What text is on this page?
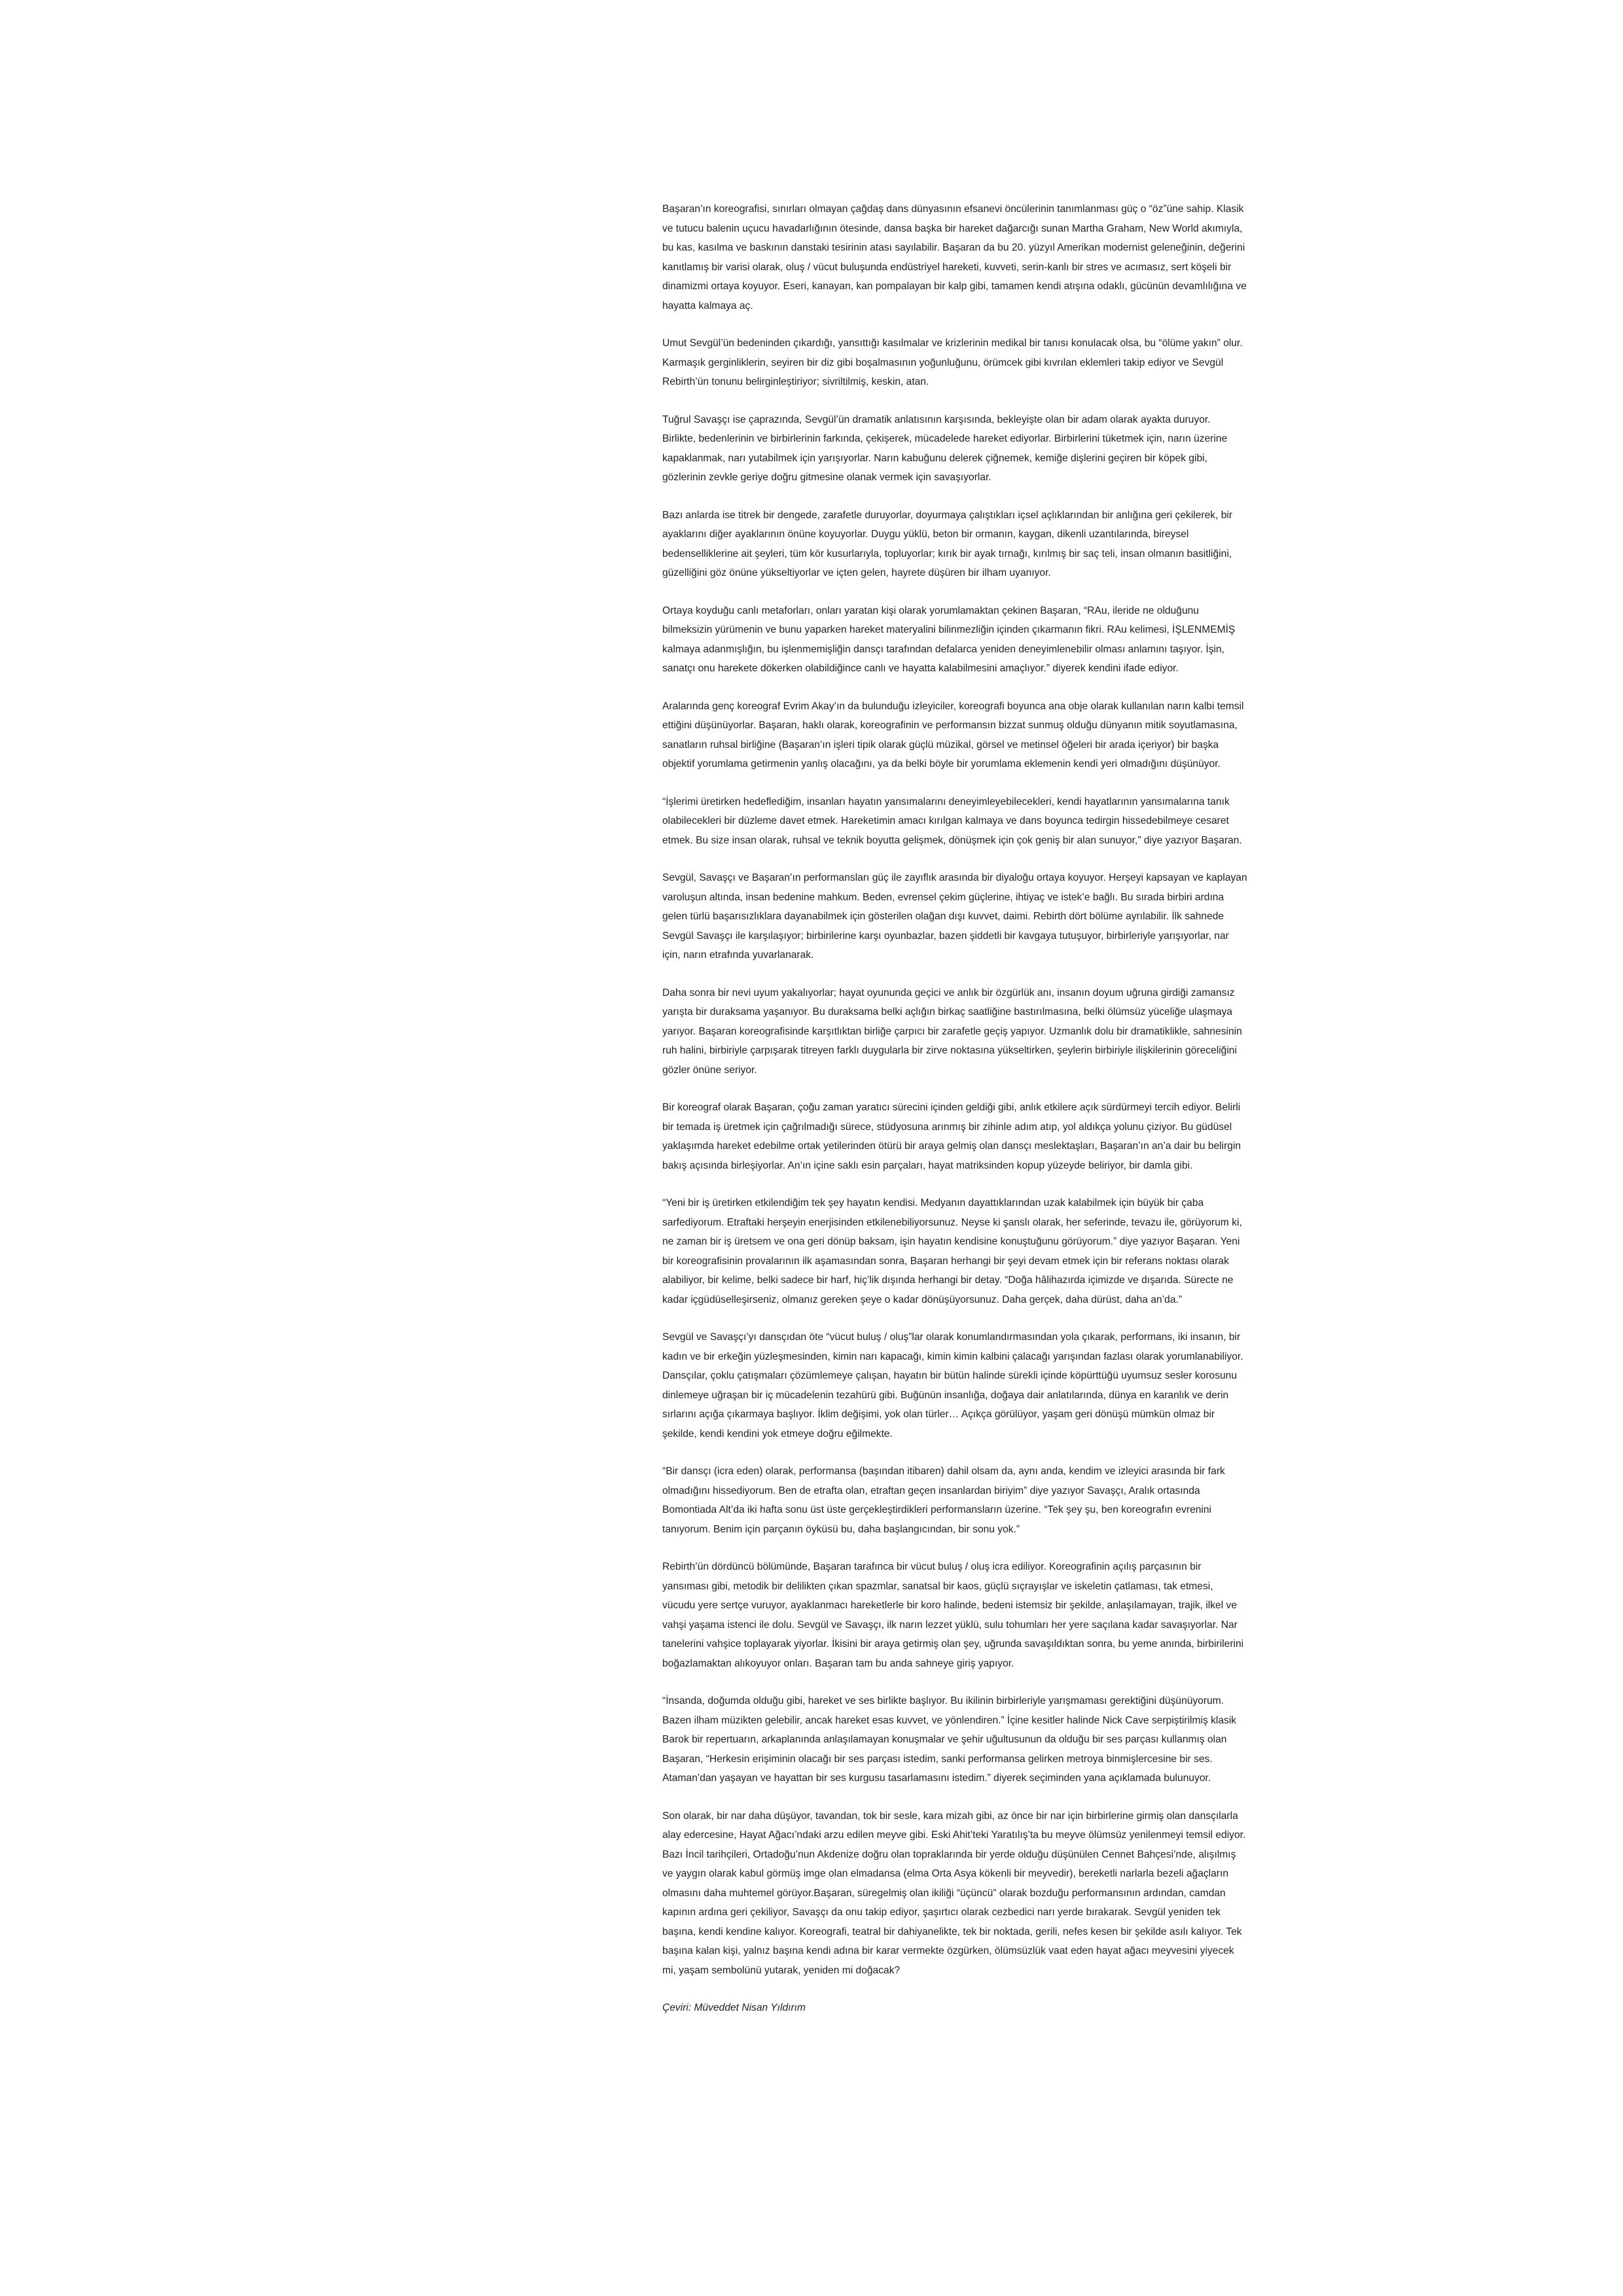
Başaran’ın koreografisi, sınırları olmayan çağdaş dans dünyasının efsanevi öncülerinin tanımlanması güç o “öz”üne sahip. Klasik
ve tutucu balenin uçucu havadarlığının ötesinde, dansa başka bir hareket dağarcığı sunan Martha Graham, New World akımıyla,
bu kas, kasılma ve baskının danstaki tesirinin atası sayılabilir. Başaran da bu 20. yüzyıl Amerikan modernist geleneğinin, değerini
kanıtlamış bir varisi olarak, oluş / vücut buluşunda endüstriyel hareketi, kuvveti, serin-kanlı bir stres ve acımasız, sert köşeli bir
dinamizmi ortaya koyuyor. Eseri, kanayan, kan pompalayan bir kalp gibi, tamamen kendi atışına odaklı, gücünün devamlılığına ve
hayatta kalmaya aç.

Umut Sevgül’ün bedeninden çıkardığı, yansıttığı kasılmalar ve krizlerinin medikal bir tanısı konulacak olsa, bu “ölüme yakın” olur.
Karmaşık gerginliklerin, seyiren bir diz gibi boşalmasının yoğunluğunu, örümcek gibi kıvrılan eklemleri takip ediyor ve Sevgül
Rebirth’ün tonunu belirginleştiriyor; sivriltilmiş, keskin, atan.

Tuğrul Savaşçı ise çaprazında, Sevgül’ün dramatik anlatısının karşısında, bekleyişte olan bir adam olarak ayakta duruyor.
Birlikte, bedenlerinin ve birbirlerinin farkında, çekişerek, mücadelede hareket ediyorlar. Birbirlerini tüketmek için, narın üzerine
kapaklanmak, narı yutabilmek için yarışıyorlar. Narın kabuğunu delerek çiğnemek, kemiğe dişlerini geçiren bir köpek gibi,
gözlerinin zevkle geriye doğru gitmesine olanak vermek için savaşıyorlar.

Bazı anlarda ise titrek bir dengede, zarafetle duruyorlar, doyurmaya çalıştıkları içsel açlıklarından bir anlığına geri çekilerek, bir
ayaklarını diğer ayaklarının önüne koyuyorlar. Duygu yüklü, beton bir ormanın, kaygan, dikenli uzantılarında, bireysel
bedenselliklerine ait şeyleri, tüm kör kusurlarıyla, topluyorlar; kırık bir ayak tırnağı, kırılmış bir saç teli, insan olmanın basitliğini,
güzelliğini göz önüne yükseltiyorlar ve içten gelen, hayrete düşüren bir ilham uyanıyor.

Ortaya koyduğu canlı metaforları, onları yaratan kişi olarak yorumlamaktan çekinen Başaran, “RAu, ileride ne olduğunu
bilmeksizin yürümenin ve bunu yaparken hareket materyalini bilinmezliğin içinden çıkarmanın fikri. RAu kelimesi, İŞLENMEMİŞ
kalmaya adanmışlığın, bu işlenmemişliğin dansçı tarafından defalarca yeniden deneyimlenebilir olması anlamını taşıyor. İşin,
sanatçı onu harekete dökerken olabildiğince canlı ve hayatta kalabilmesini amaçlıyor.” diyerek kendini ifade ediyor.

Aralarında genç koreograf Evrim Akay’ın da bulunduğu izleyiciler, koreografi boyunca ana obje olarak kullanılan narın kalbi temsil
ettiğini düşünüyorlar. Başaran, haklı olarak, koreografinin ve performansın bizzat sunmuş olduğu dünyanın mitik soyutlamasına,
sanatların ruhsal birliğine (Başaran’ın işleri tipik olarak güçlü müzikal, görsel ve metinsel öğeleri bir arada içeriyor) bir başka
objektif yorumlama getirmenin yanlış olacağını, ya da belki böyle bir yorumlama eklemenin kendi yeri olmadığını düşünüyor.

“İşlerimi üretirken hedeflediğim, insanları hayatın yansımalarını deneyimleyebilecekleri, kendi hayatlarının yansımalarına tanık
olabilecekleri bir düzleme davet etmek. Hareketimin amacı kırılgan kalmaya ve dans boyunca tedirgin hissedebilmeye cesaret
etmek. Bu size insan olarak, ruhsal ve teknik boyutta gelişmek, dönüşmek için çok geniş bir alan sunuyor,” diye yazıyor Başaran.

Sevgül, Savaşçı ve Başaran’ın performansları güç ile zayıflık arasında bir diyaloğu ortaya koyuyor. Herşeyi kapsayan ve kaplayan
varoluşun altında, insan bedenine mahkum. Beden, evrensel çekim güçlerine, ihtiyaç ve istek’e bağlı. Bu sırada birbiri ardına
gelen türlü başarısızlıklara dayanabilmek için gösterilen olağan dışı kuvvet, daimi. Rebirth dört bölüme ayrılabilir. İlk sahnede
Sevgül Savaşçı ile karşılaşıyor; birbirilerine karşı oyunbazlar, bazen şiddetli bir kavgaya tutuşuyor, birbirleriyle yarışıyorlar, nar
için, narın etrafında yuvarlanarak.

Daha sonra bir nevi uyum yakalıyorlar; hayat oyununda geçici ve anlık bir özgürlük anı, insanın doyum uğruna girdiği zamansız
yarışta bir duraksama yaşanıyor. Bu duraksama belki açlığın birkaç saatliğine bastırılmasına, belki ölümsüz yüceliğe ulaşmaya
yarıyor. Başaran koreografisinde karşıtlıktan birliğe çarpıcı bir zarafetle geçiş yapıyor. Uzmanlık dolu bir dramatiklikle, sahnesinin
ruh halini, birbiriyle çarpışarak titreyen farklı duygularla bir zirve noktasına yükseltirken, şeylerin birbiriyle ilişkilerinin göreceliğini
gözler önüne seriyor.

Bir koreograf olarak Başaran, çoğu zaman yaratıcı sürecini içinden geldiği gibi, anlık etkilere açık sürdürmeyi tercih ediyor. Belirli
bir temada iş üretmek için çağrılmadığı sürece, stüdyosuna arınmış bir zihinle adım atıp, yol aldıkça yolunu çiziyor. Bu güdüsel
yaklaşımda hareket edebilme ortak yetilerinden ötürü bir araya gelmiş olan dansçı meslektaşları, Başaran’ın an’a dair bu belirgin
bakış açısında birleşiyorlar. An’ın içine saklı esin parçaları, hayat matriksinden kopup yüzeyde beliriyor, bir damla gibi.

“Yeni bir iş üretirken etkilendiğim tek şey hayatın kendisi. Medyanın dayattıklarından uzak kalabilmek için büyük bir çaba
sarfediyorum. Etraftaki herşeyin enerjisinden etkilenebiliyorsunuz. Neyse ki şanslı olarak, her seferinde, tevazu ile, görüyorum ki,
ne zaman bir iş üretsem ve ona geri dönüp baksam, işin hayatın kendisine konuştuğunu görüyorum.” diye yazıyor Başaran. Yeni
bir koreografisinin provalarının ilk aşamasından sonra, Başaran herhangi bir şeyi devam etmek için bir referans noktası olarak
alabiliyor, bir kelime, belki sadece bir harf, hiç’lik dışında herhangi bir detay. “Doğa hâlihazırda içimizde ve dışarıda. Sürecte ne
kadar içgüdüselleşirseniz, olmanız gereken şeye o kadar dönüşüyorsunuz. Daha gerçek, daha dürüst, daha an’da.”

Sevgül ve Savaşçı’yı dansçıdan öte “vücut buluş / oluş”lar olarak konumlandırmasından yola çıkarak, performans, iki insanın, bir
kadın ve bir erkeğin yüzleşmesinden, kimin narı kapacağı, kimin kimin kalbini çalacağı yarışından fazlası olarak yorumlanabiliyor.
Dansçılar, çoklu çatışmaları çözümlemeye çalışan, hayatın bir bütün halinde sürekli içinde köpürttüğü uyumsuz sesler korosunu
dinlemeye uğraşan bir iç mücadelenin tezahürü gibi. Buğünün insanlığa, doğaya dair anlatılarında, dünya en karanlık ve derin
sırlarını açığa çıkarmaya başlıyor. İklim değişimi, yok olan türler… Açıkça görülüyor, yaşam geri dönüşü mümkün olmaz bir
şekilde, kendi kendini yok etmeye doğru eğilmekte.

“Bir dansçı (icra eden) olarak, performansa (başından itibaren) dahil olsam da, aynı anda, kendim ve izleyici arasında bir fark
olmadığını hissediyorum. Ben de etrafta olan, etraftan geçen insanlardan biriyim” diye yazıyor Savaşçı, Aralık ortasında
Bomontiada Alt’da iki hafta sonu üst üste gerçekleştirdikleri performansların üzerine. “Tek şey şu, ben koreografın evrenini
tanıyorum. Benim için parçanın öyküsü bu, daha başlangıcından, bir sonu yok.”

Rebirth’ün dördüncü bölümünde, Başaran tarafınca bir vücut buluş / oluş icra ediliyor. Koreografinin açılış parçasının bir
yansıması gibi, metodik bir delilikten çıkan spazmlar, sanatsal bir kaos, güçlü sıçrayışlar ve iskeletin çatlaması, tak etmesi,
vücudu yere sertçe vuruyor, ayaklanmacı hareketlerle bir koro halinde, bedeni istemsiz bir şekilde, anlaşılamayan, trajik, ilkel ve
vahşi yaşama istenci ile dolu. Sevgül ve Savaşçı, ilk narın lezzet yüklü, sulu tohumları her yere saçılana kadar savaşıyorlar. Nar
tanelerini vahşice toplayarak yiyorlar. İkisini bir araya getirmiş olan şey, uğrunda savaşıldıktan sonra, bu yeme anında, birbirilerini
boğazlamaktan alıkoyuyor onları. Başaran tam bu anda sahneye giriş yapıyor.

“İnsanda, doğumda olduğu gibi, hareket ve ses birlikte başlıyor. Bu ikilinin birbirleriyle yarışmaması gerektiğini düşünüyorum.
Bazen ilham müzikten gelebilir, ancak hareket esas kuvvet, ve yönlendiren.” İçine kesitler halinde Nick Cave serpiştirilmiş klasik
Barok bir repertuarın, arkaplanında anlaşılamayan konuşmalar ve şehir uğultusunun da olduğu bir ses parçası kullanmış olan
Başaran, “Herkesin erişiminin olacağı bir ses parçası istedim, sanki performansa gelirken metroya binmişlercesine bir ses.
Ataman’dan yaşayan ve hayattan bir ses kurgusu tasarlamasını istedim.” diyerek seçiminden yana açıklamada bulunuyor.

Son olarak, bir nar daha düşüyor, tavandan, tok bir sesle, kara mizah gibi, az önce bir nar için birbirlerine girmiş olan dansçılarla
alay edercesine, Hayat Ağacı’ndaki arzu edilen meyve gibi. Eski Ahit’teki Yaratılış’ta bu meyve ölümsüz yenilenmeyi temsil ediyor.
Bazı İncil tarihçileri, Ortadoğu’nun Akdenize doğru olan topraklarında bir yerde olduğu düşünülen Cennet Bahçesi’nde, alışılmış
ve yaygın olarak kabul görmüş imge olan elmadansa (elma Orta Asya kökenli bir meyvedir), bereketli narlarla bezeli ağaçların
olmasını daha muhtemel görüyor.Başaran, süregelmiş olan ikiliği “üçüncü” olarak bozduğu performansının ardından, camdan
kapının ardına geri çekiliyor, Savaşçı da onu takip ediyor, şaşırtıcı olarak cezbedici narı yerde bırakarak. Sevgül yeniden tek
başına, kendi kendine kalıyor. Koreografi, teatral bir dahiyanelikte, tek bir noktada, gerili, nefes kesen bir şekilde asılı kalıyor. Tek
başına kalan kişi, yalnız başına kendi adına bir karar vermekte özgürken, ölümsüzlük vaat eden hayat ağacı meyvesini yiyecek
mi, yaşam sembolünü yutarak, yeniden mi doğacak?

Çeviri: Müveddet Nisan Yıldırım
